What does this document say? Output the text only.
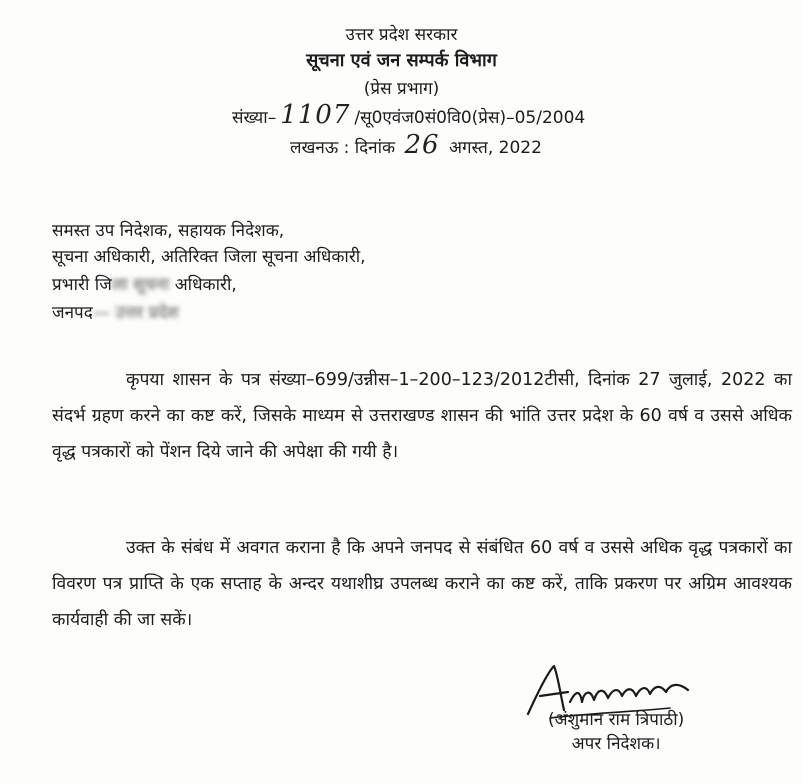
उत्तर प्रदेश सरकार
सूचना एवं जन सम्पर्क विभाग
(प्रेस प्रभाग)
संख्या– 1107 /सू0एवंज0सं0वि0(प्रेस)–05/2004
लखनऊ : दिनांक 26 अगस्त, 2022
समस्त उप निदेशक, सहायक निदेशक,
सूचना अधिकारी, अतिरिक्त जिला सूचना अधिकारी,
प्रभारी जिला सूचना अधिकारी,
जनपद— उत्तर प्रदेश
कृपया शासन के पत्र संख्या–699/उन्नीस–1–200–123/2012टीसी, दिनांक 27 जुलाई, 2022 का संदर्भ ग्रहण करने का कष्ट करें, जिसके माध्यम से उत्तराखण्ड शासन की भांति उत्तर प्रदेश के 60 वर्ष व उससे अधिक वृद्ध पत्रकारों को पेंशन दिये जाने की अपेक्षा की गयी है।
उक्त के संबंध में अवगत कराना है कि अपने जनपद से संबंधित 60 वर्ष व उससे अधिक वृद्ध पत्रकारों का विवरण पत्र प्राप्ति के एक सप्ताह के अन्दर यथाशीघ्र उपलब्ध कराने का कष्ट करें, ताकि प्रकरण पर अग्रिम आवश्यक कार्यवाही की जा सकें।
(अंशुमान राम त्रिपाठी)
अपर निदेशक।
